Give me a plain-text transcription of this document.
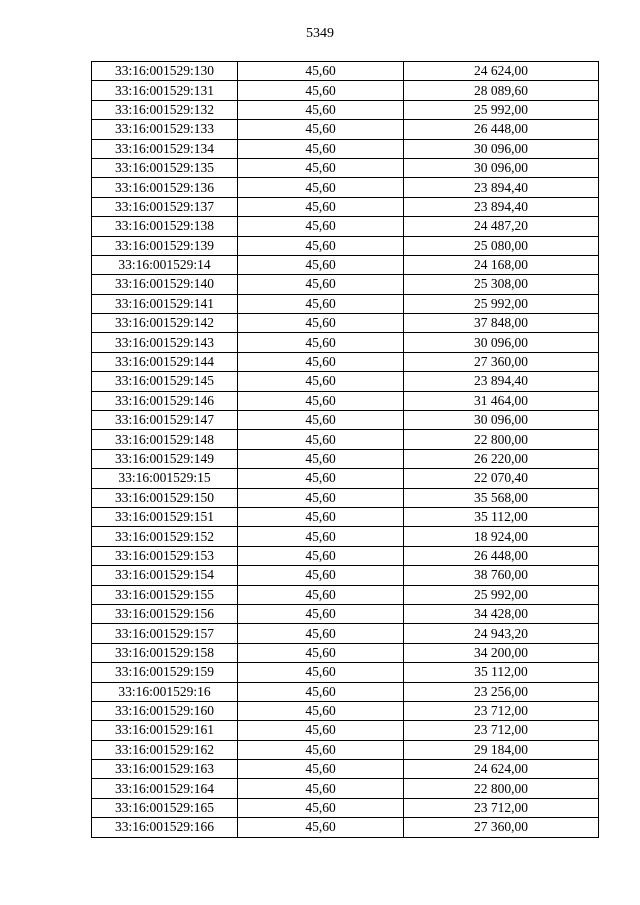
5349
33:16:001529:130	45,60	24 624,00
33:16:001529:131	45,60	28 089,60
33:16:001529:132	45,60	25 992,00
33:16:001529:133	45,60	26 448,00
33:16:001529:134	45,60	30 096,00
33:16:001529:135	45,60	30 096,00
33:16:001529:136	45,60	23 894,40
33:16:001529:137	45,60	23 894,40
33:16:001529:138	45,60	24 487,20
33:16:001529:139	45,60	25 080,00
33:16:001529:14	45,60	24 168,00
33:16:001529:140	45,60	25 308,00
33:16:001529:141	45,60	25 992,00
33:16:001529:142	45,60	37 848,00
33:16:001529:143	45,60	30 096,00
33:16:001529:144	45,60	27 360,00
33:16:001529:145	45,60	23 894,40
33:16:001529:146	45,60	31 464,00
33:16:001529:147	45,60	30 096,00
33:16:001529:148	45,60	22 800,00
33:16:001529:149	45,60	26 220,00
33:16:001529:15	45,60	22 070,40
33:16:001529:150	45,60	35 568,00
33:16:001529:151	45,60	35 112,00
33:16:001529:152	45,60	18 924,00
33:16:001529:153	45,60	26 448,00
33:16:001529:154	45,60	38 760,00
33:16:001529:155	45,60	25 992,00
33:16:001529:156	45,60	34 428,00
33:16:001529:157	45,60	24 943,20
33:16:001529:158	45,60	34 200,00
33:16:001529:159	45,60	35 112,00
33:16:001529:16	45,60	23 256,00
33:16:001529:160	45,60	23 712,00
33:16:001529:161	45,60	23 712,00
33:16:001529:162	45,60	29 184,00
33:16:001529:163	45,60	24 624,00
33:16:001529:164	45,60	22 800,00
33:16:001529:165	45,60	23 712,00
33:16:001529:166	45,60	27 360,00
